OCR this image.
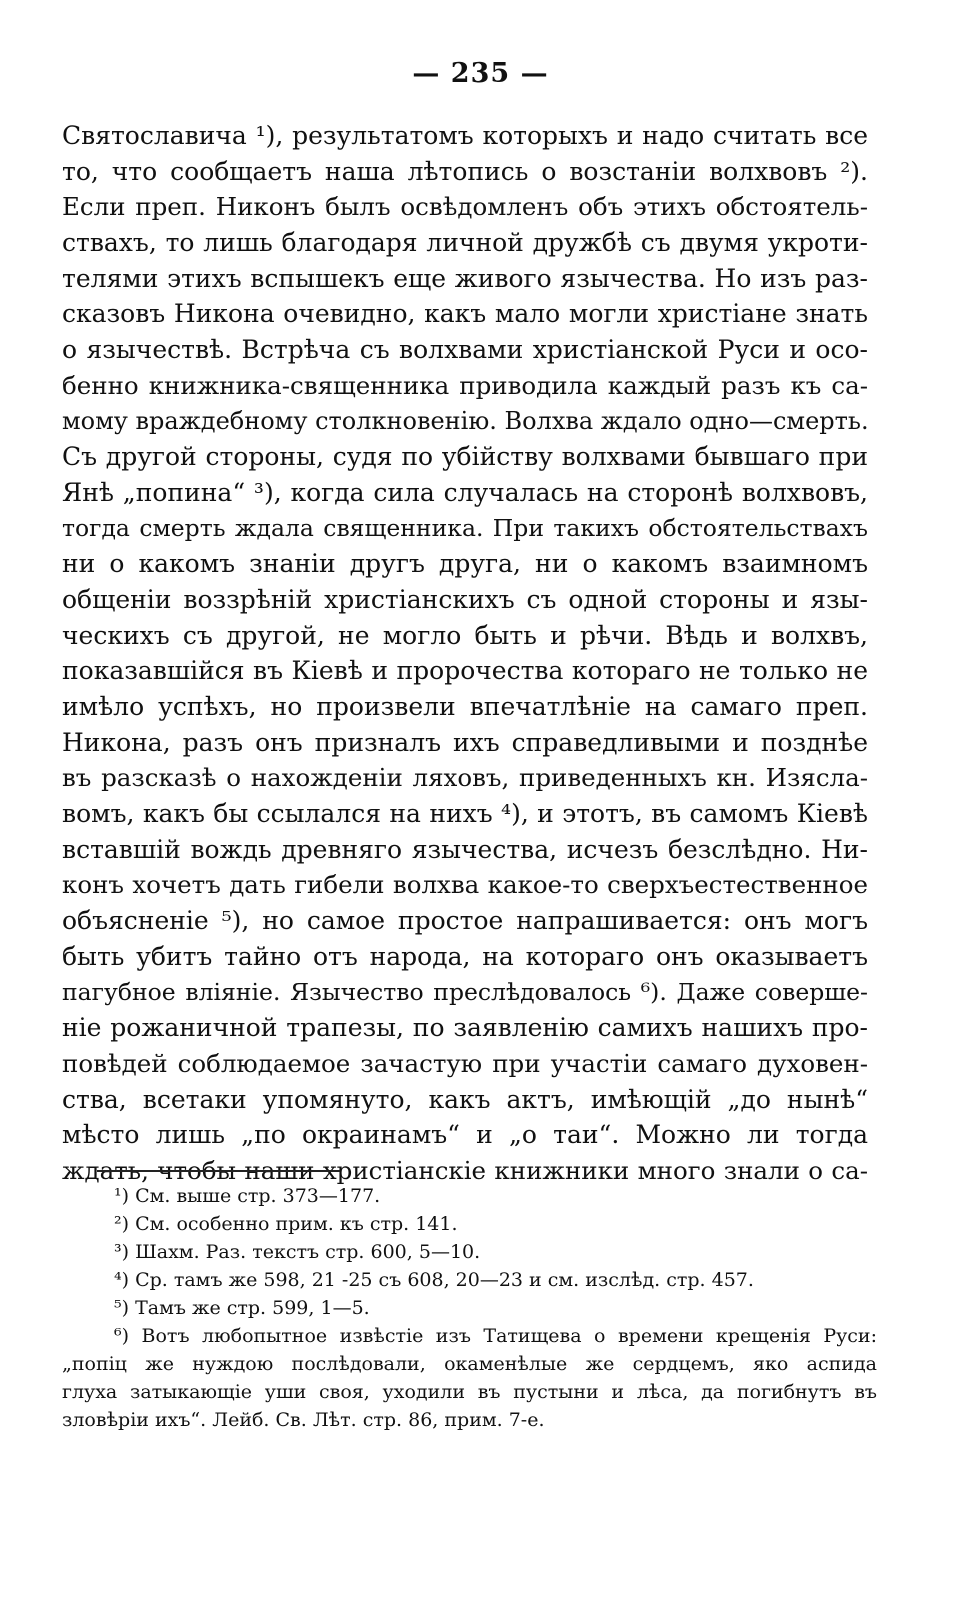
— 235 —
Святославича ¹), результатомъ которыхъ и надо считать все
то, что сообщаетъ наша лѣтопись о возстаніи волхвовъ ²).
Если преп. Никонъ былъ освѣдомленъ объ этихъ обстоятель-
ствахъ, то лишь благодаря личной дружбѣ съ двумя укроти-
телями этихъ вспышекъ еще живого язычества. Но изъ раз-
сказовъ Никона очевидно, какъ мало могли христіане знать
о язычествѣ. Встрѣча съ волхвами христіанской Руси и осо-
бенно книжника-священника приводила каждый разъ къ са-
мому враждебному столкновенію. Волхва ждало одно—смерть.
Съ другой стороны, судя по убійству волхвами бывшаго при
Янѣ „попина“ ³), когда сила случалась на сторонѣ волхвовъ,
тогда смерть ждала священника. При такихъ обстоятельствахъ
ни о какомъ знаніи другъ друга, ни о какомъ взаимномъ
общеніи воззрѣній христіанскихъ съ одной стороны и язы-
ческихъ съ другой, не могло быть и рѣчи. Вѣдь и волхвъ,
показавшійся въ Кіевѣ и пророчества котораго не только не
имѣло успѣхъ, но произвели впечатлѣніе на самаго преп.
Никона, разъ онъ призналъ ихъ справедливыми и позднѣе
въ разсказѣ о нахожденіи ляховъ, приведенныхъ кн. Изясла-
вомъ, какъ бы ссылался на нихъ ⁴), и этотъ, въ самомъ Кіевѣ
вставшій вождь древняго язычества, исчезъ безслѣдно. Ни-
конъ хочетъ дать гибели волхва какое-то сверхъестественное
объясненіе ⁵), но самое простое напрашивается: онъ могъ
быть убитъ тайно отъ народа, на котораго онъ оказываетъ
пагубное вліяніе. Язычество преслѣдовалось ⁶). Даже соверше-
ніе рожаничной трапезы, по заявленію самихъ нашихъ про-
повѣдей соблюдаемое зачастую при участіи самаго духовен-
ства, всетаки упомянуто, какъ актъ, имѣющій „до нынѣ“
мѣсто лишь „по окраинамъ“ и „о таи“. Можно ли тогда
ждать, чтобы наши христіанскіе книжники много знали о са-
¹) См. выше стр. 373—177.
²) См. особенно прим. къ стр. 141.
³) Шахм. Раз. текстъ стр. 600, 5—10.
⁴) Ср. тамъ же 598, 21 -25 съ 608, 20—23 и см. изслѣд. стр. 457.
⁵) Тамъ же стр. 599, 1—5.
⁶) Вотъ любопытное извѣстіе изъ Татищева о времени крещенія Руси:
„попiц же нуждою послѣдовали, окаменѣлые же сердцемъ, яко аспида
глуха затыкающіе уши своя, уходили въ пустыни и лѣса, да погибнутъ въ
зловѣріи ихъ“. Лейб. Св. Лѣт. стр. 86, прим. 7-е.
